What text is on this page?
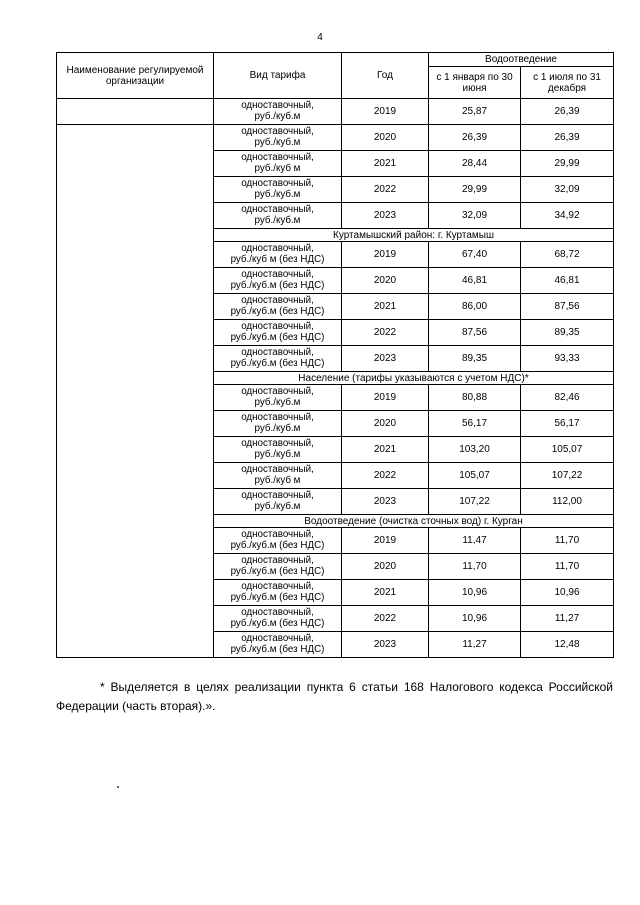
4
Наименование регулируемой организации	Вид тарифа	Год	Водоотведение	
			с 1 января по 30 июня	с 1 июля по 31 декабря
	одноставочный,
руб./куб.м	2019	25,87	26,39
	одноставочный,
руб./куб.м	2020	26,39	26,39
	одноставочный,
руб./куб м	2021	28,44	29,99
	одноставочный,
руб./куб.м	2022	29,99	32,09
	одноставочный,
руб./куб.м	2023	32,09	34,92
	Куртамышский район: г. Куртамыш			
	одноставочный,
руб./куб м (без НДС)	2019	67,40	68,72
	одноставочный,
руб./куб.м (без НДС)	2020	46,81	46,81
	одноставочный,
руб./куб.м (без НДС)	2021	86,00	87,56
	одноставочный,
руб./куб.м (без НДС)	2022	87,56	89,35
	одноставочный,
руб./куб.м (без НДС)	2023	89,35	93,33
	Население (тарифы указываются с учетом НДС)*			
	одноставочный,
руб./куб.м	2019	80,88	82,46
	одноставочный,
руб./куб.м	2020	56,17	56,17
	одноставочный,
руб./куб.м	2021	103,20	105,07
	одноставочный,
руб./куб м	2022	105,07	107,22
	одноставочный,
руб./куб.м	2023	107,22	112,00
	Водоотведение (очистка сточных вод) г. Курган			
	одноставочный,
руб./куб.м (без НДС)	2019	11,47	11,70
	одноставочный,
руб./куб.м (без НДС)	2020	11,70	11,70
	одноставочный,
руб./куб.м (без НДС)	2021	10,96	10,96
	одноставочный,
руб./куб.м (без НДС)	2022	10,96	11,27
	одноставочный,
руб./куб.м (без НДС)	2023	11,27	12,48
* Выделяется в целях реализации пункта 6 статьи 168 Налогового кодекса Российской Федерации (часть вторая).».
